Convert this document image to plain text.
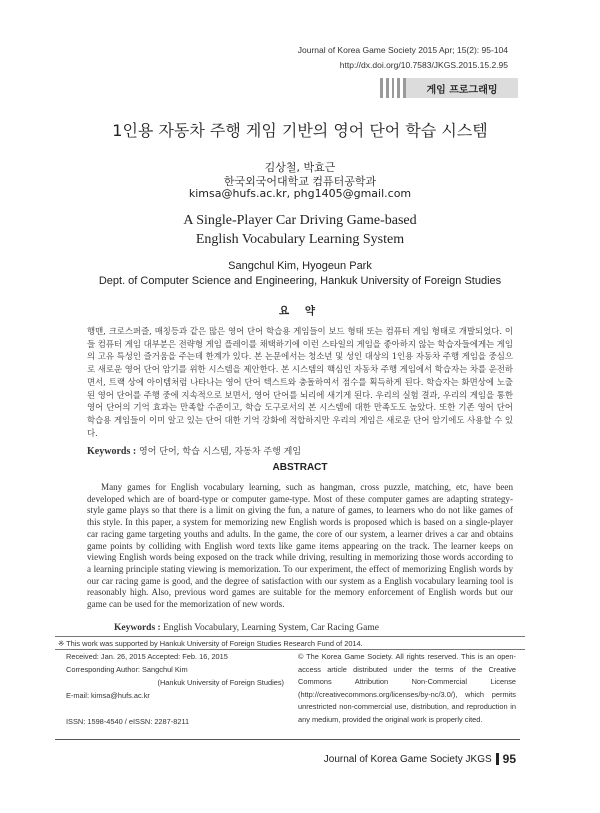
Journal of Korea Game Society 2015 Apr; 15(2): 95-104
http://dx.doi.org/10.7583/JKGS.2015.15.2.95
게임 프로그래밍
1인용 자동차 주행 게임 기반의 영어 단어 학습 시스템
김상철, 박효근
한국외국어대학교 컴퓨터공학과
kimsa@hufs.ac.kr, phg1405@gmail.com
A Single-Player Car Driving Game-based English Vocabulary Learning System
Sangchul Kim, Hyogeun Park
Dept. of Computer Science and Engineering, Hankuk University of Foreign Studies
요 약
행맨, 크로스퍼즐, 매칭등과 같은 많은 영어 단어 학습용 게임들이 보드 형태 또는 컴퓨터 게임 형태로 개발되었다. 이들 컴퓨터 게임 대부분은 전략형 게임 플레이를 채택하기에 이런 스타일의 게임을 좋아하지 않는 학습자들에게는 게임의 고유 특성인 즐거움을 주는데 한계가 있다. 본 논문에서는 청소년 및 성인 대상의 1인용 자동차 주행 게임을 중심으로 새로운 영어 단어 암기를 위한 시스템을 제안한다. 본 시스템의 핵심인 자동차 주행 게임에서 학습자는 차를 운전하면서, 트랙 상에 아이템처럼 나타나는 영어 단어 텍스트와 충돌하여서 점수를 획득하게 된다. 학습자는 화면상에 노출된 영어 단어를 주행 중에 지속적으로 보면서, 영어 단어를 뇌리에 새기게 된다. 우리의 실험 결과, 우리의 게임을 통한 영어 단어의 기억 효과는 만족할 수준이고, 학습 도구로서의 본 시스템에 대한 만족도도 높았다. 또한 기존 영어 단어 학습용 게임들이 이미 알고 있는 단어 대한 기억 강화에 적합하지만 우리의 게임은 새로운 단어 암기에도 사용할 수 있다.
Keywords : 영어 단어, 학습 시스템, 자동차 주행 게임
ABSTRACT
Many games for English vocabulary learning, such as hangman, cross puzzle, matching, etc, have been developed which are of board-type or computer game-type. Most of these computer games are adapting strategy-style game plays so that there is a limit on giving the fun, a nature of games, to learners who do not like games of this style. In this paper, a system for memorizing new English words is proposed which is based on a single-player car racing game targeting youths and adults. In the game, the core of our system, a learner drives a car and obtains game points by colliding with English word texts like game items appearing on the track. The learner keeps on viewing English words being exposed on the track while driving, resulting in memorizing those words according to a learning principle stating viewing is memorization. To our experiment, the effect of memorizing English words by our car racing game is good, and the degree of satisfaction with our system as a English vocabulary learning tool is reasonably high. Also, previous word games are suitable for the memory enforcement of English words but our game can be used for the memorization of new words.
Keywords : English Vocabulary, Learning System, Car Racing Game
※ This work was supported by Hankuk University of Foreign Studies Research Fund of 2014.
Received: Jan. 26, 2015 Accepted: Feb. 16, 2015
Corresponding Author: Sangchul Kim
(Hankuk University of Foreign Studies)
E-mail: kimsa@hufs.ac.kr
ISSN: 1598-4540 / eISSN: 2287-8211
© The Korea Game Society. All rights reserved. This is an open-access article distributed under the terms of the Creative Commons Attribution Non-Commercial License (http://creativecommons.org/licenses/by-nc/3.0/), which permits unrestricted non-commercial use, distribution, and reproduction in any medium, provided the original work is properly cited.
Journal of Korea Game Society JKGS 95
